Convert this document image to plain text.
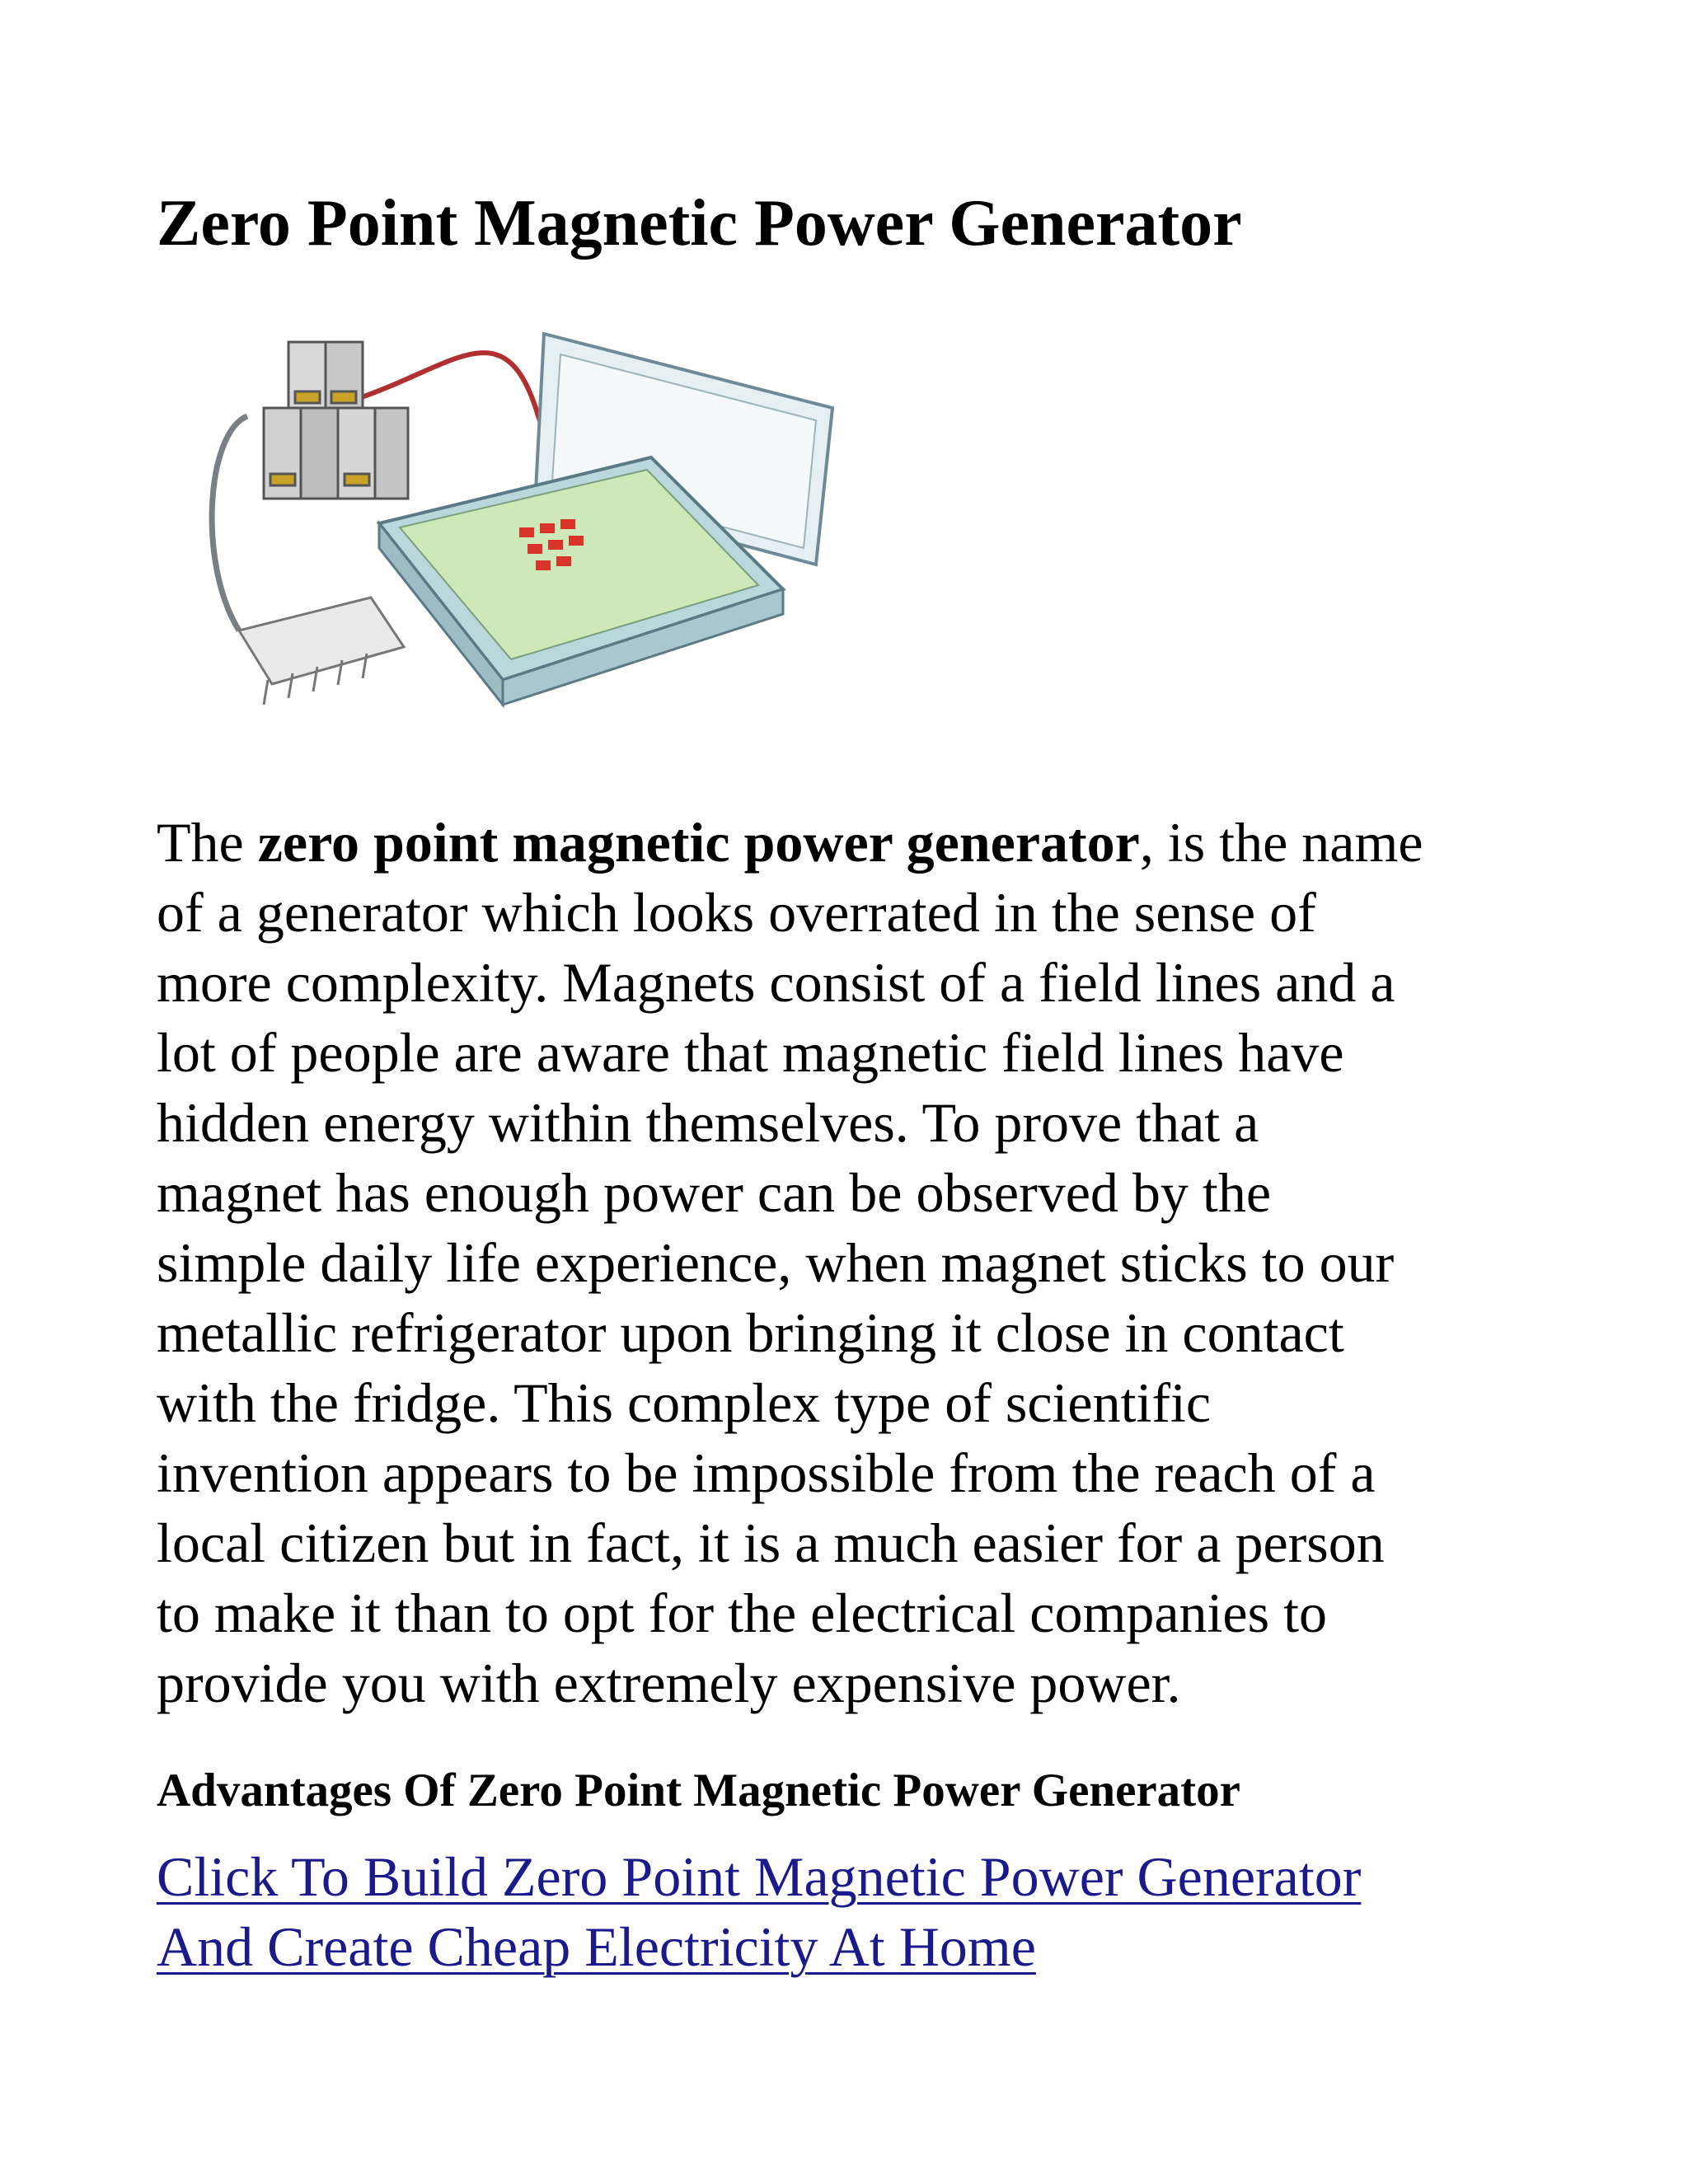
Zero Point Magnetic Power Generator

The zero point magnetic power generator, is the name
of a generator which looks overrated in the sense of
more complexity. Magnets consist of a field lines and a
lot of people are aware that magnetic field lines have
hidden energy within themselves. To prove that a
magnet has enough power can be observed by the
simple daily life experience, when magnet sticks to our
metallic refrigerator upon bringing it close in contact
with the fridge. This complex type of scientific
invention appears to be impossible from the reach of a
local citizen but in fact, it is a much easier for a person
to make it than to opt for the electrical companies to
provide you with extremely expensive power.

Advantages Of Zero Point Magnetic Power Generator
Click To Build Zero Point Magnetic Power Generator
And Create Cheap Electricity At Home
